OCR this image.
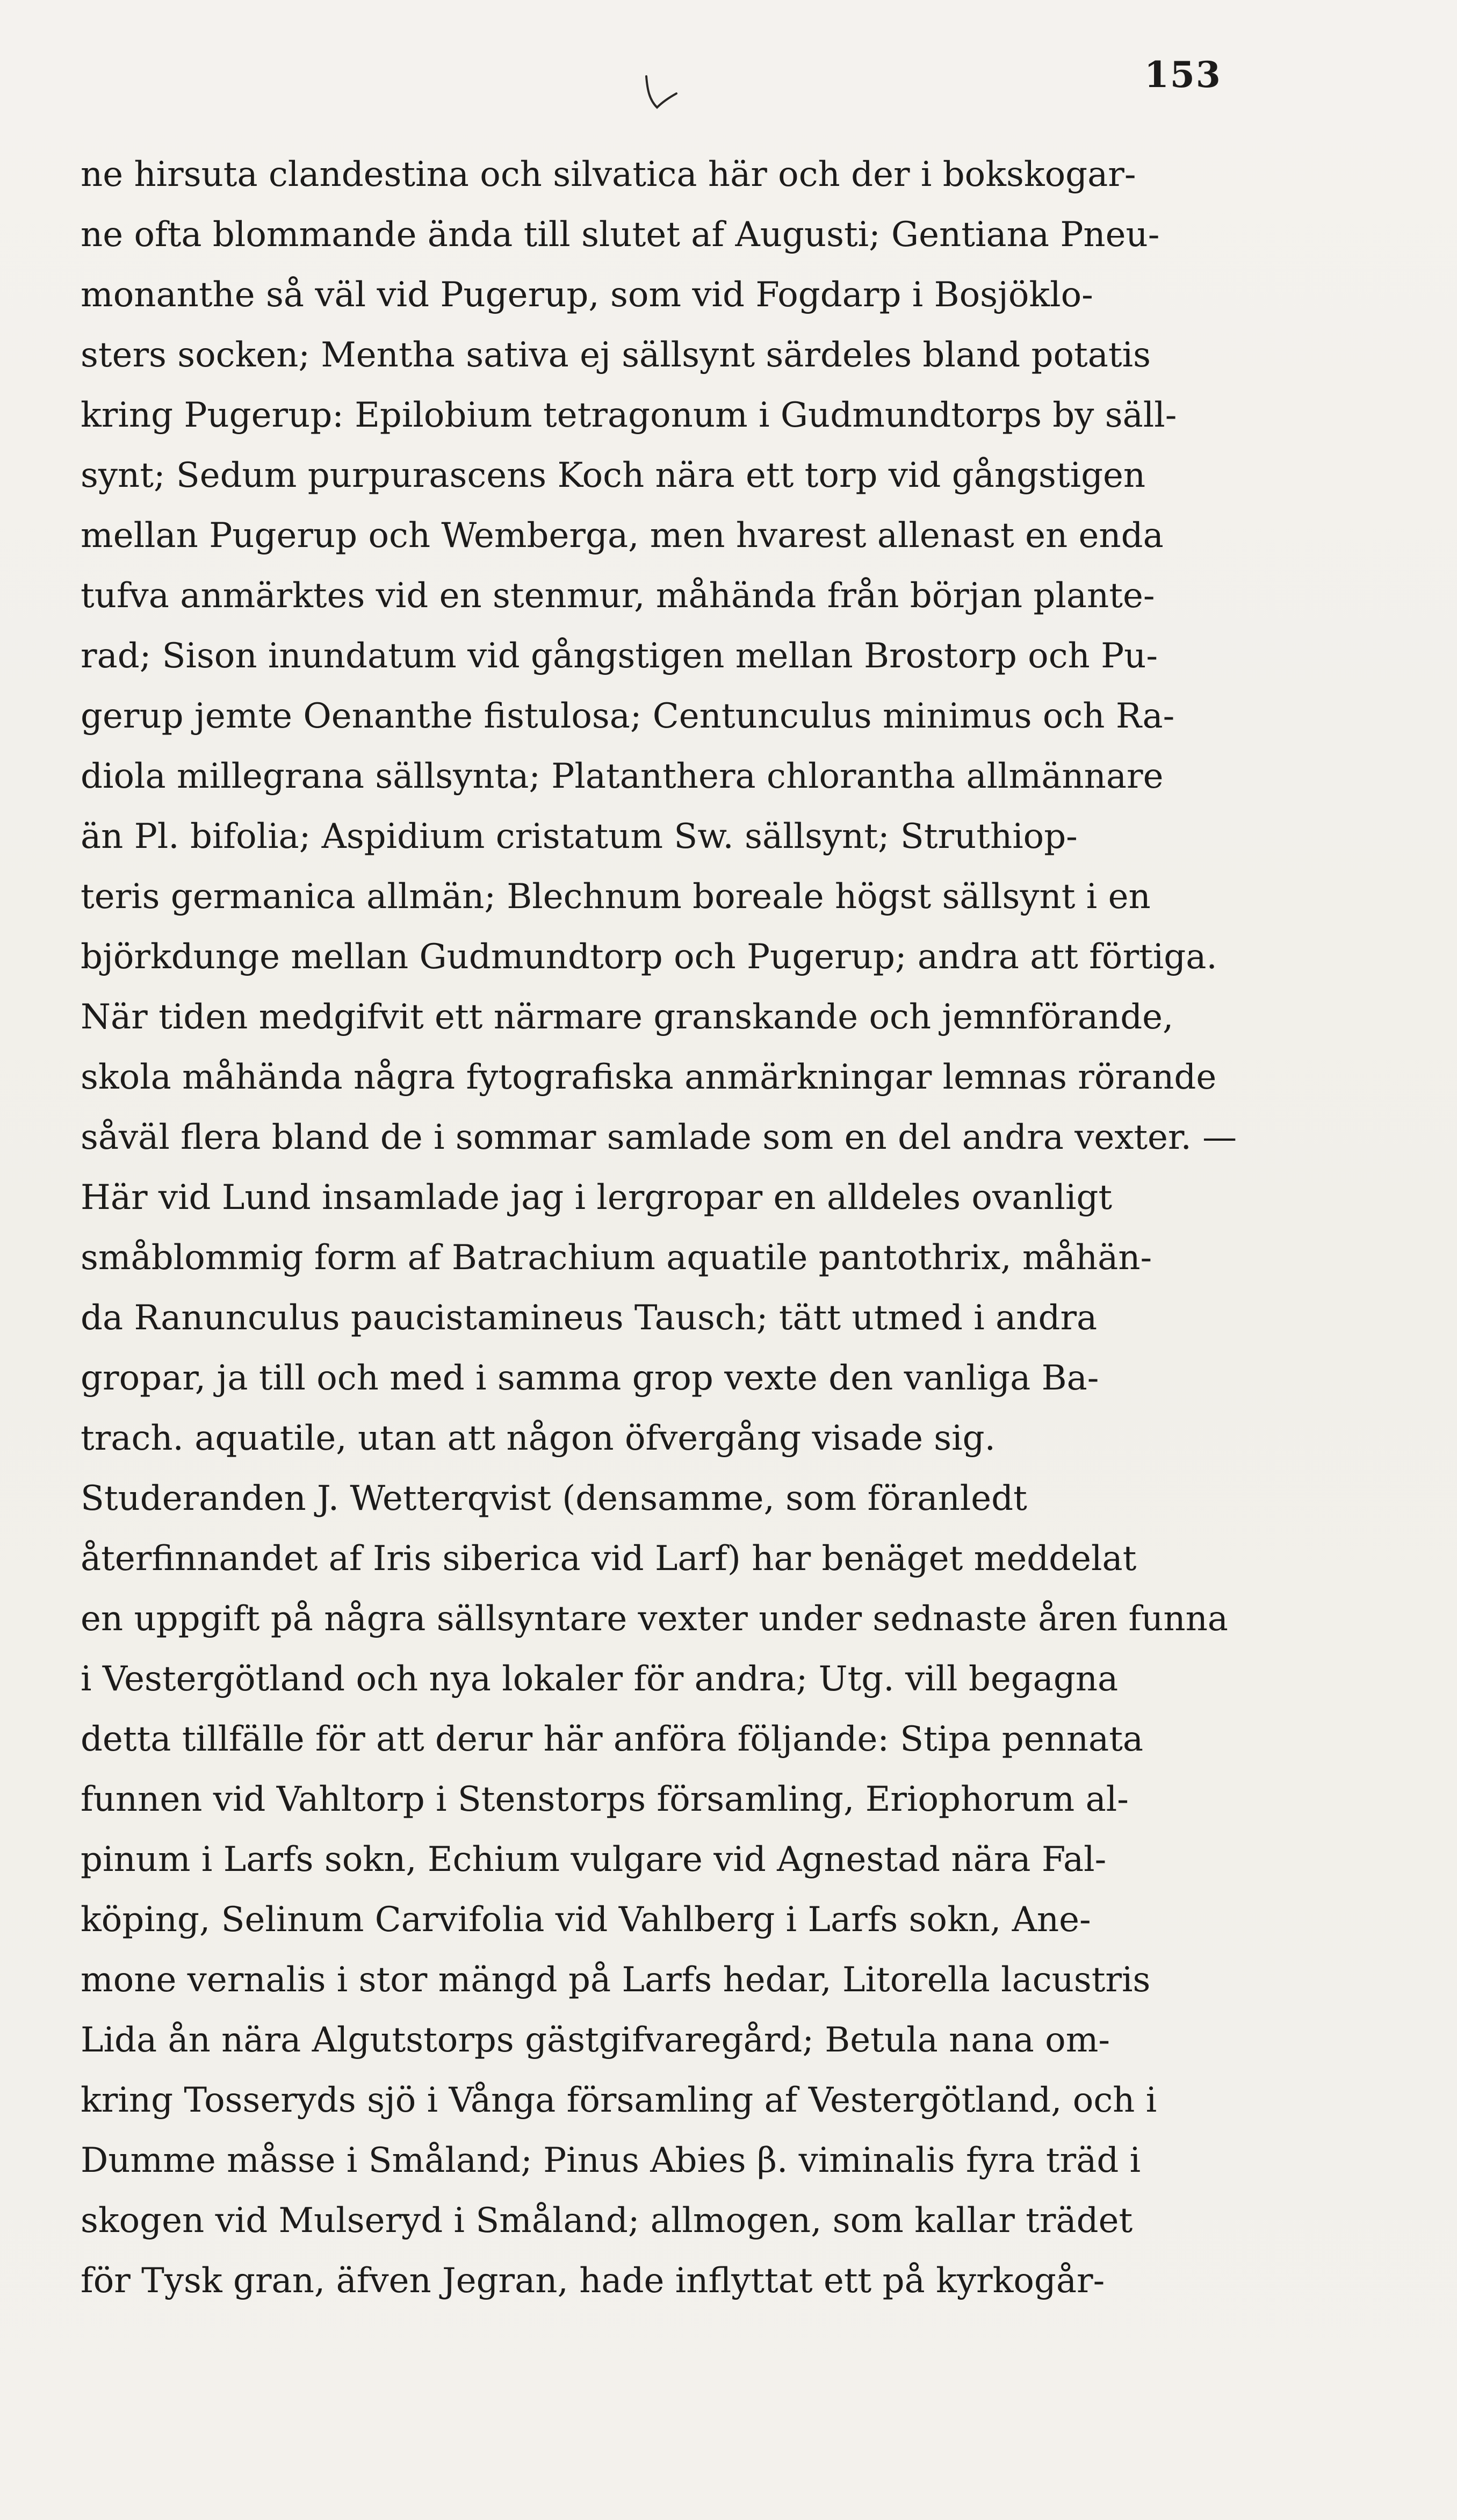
153
ne hirsuta clandestina och silvatica här och der i bokskogar-
ne ofta blommande ända till slutet af Augusti; Gentiana Pneu-
monanthe så väl vid Pugerup, som vid Fogdarp i Bosjöklo-
sters socken; Mentha sativa ej sällsynt särdeles bland potatis
kring Pugerup: Epilobium tetragonum i Gudmundtorps by säll-
synt; Sedum purpurascens Koch nära ett torp vid gångstigen
mellan Pugerup och Wemberga, men hvarest allenast en enda
tufva anmärktes vid en stenmur, måhända från början plante-
rad; Sison inundatum vid gångstigen mellan Brostorp och Pu-
gerup jemte Oenanthe fistulosa; Centunculus minimus och Ra-
diola millegrana sällsynta; Platanthera chlorantha allmännare
än Pl. bifolia; Aspidium cristatum Sw. sällsynt; Struthiop-
teris germanica allmän; Blechnum boreale högst sällsynt i en
björkdunge mellan Gudmundtorp och Pugerup; andra att förtiga.
När tiden medgifvit ett närmare granskande och jemnförande,
skola måhända några fytografiska anmärkningar lemnas rörande
såväl flera bland de i sommar samlade som en del andra vexter. —
Här vid Lund insamlade jag i lergropar en alldeles ovanligt
småblommig form af Batrachium aquatile pantothrix, måhän-
da Ranunculus paucistamineus Tausch; tätt utmed i andra
gropar, ja till och med i samma grop vexte den vanliga Ba-
trach. aquatile, utan att någon öfvergång visade sig.
Studeranden J. Wetterqvist (densamme, som föranledt
återfinnandet af Iris siberica vid Larf) har benäget meddelat
en uppgift på några sällsyntare vexter under sednaste åren funna
i Vestergötland och nya lokaler för andra; Utg. vill begagna
detta tillfälle för att derur här anföra följande: Stipa pennata
funnen vid Vahltorp i Stenstorps församling, Eriophorum al-
pinum i Larfs sokn, Echium vulgare vid Agnestad nära Fal-
köping, Selinum Carvifolia vid Vahlberg i Larfs sokn, Ane-
mone vernalis i stor mängd på Larfs hedar, Litorella lacustris
Lida ån nära Algutstorps gästgifvaregård; Betula nana om-
kring Tosseryds sjö i Vånga församling af Vestergötland, och i
Dumme måsse i Småland; Pinus Abies β. viminalis fyra träd i
skogen vid Mulseryd i Småland; allmogen, som kallar trädet
för Tysk gran, äfven Jegran, hade inflyttat ett på kyrkogår-
